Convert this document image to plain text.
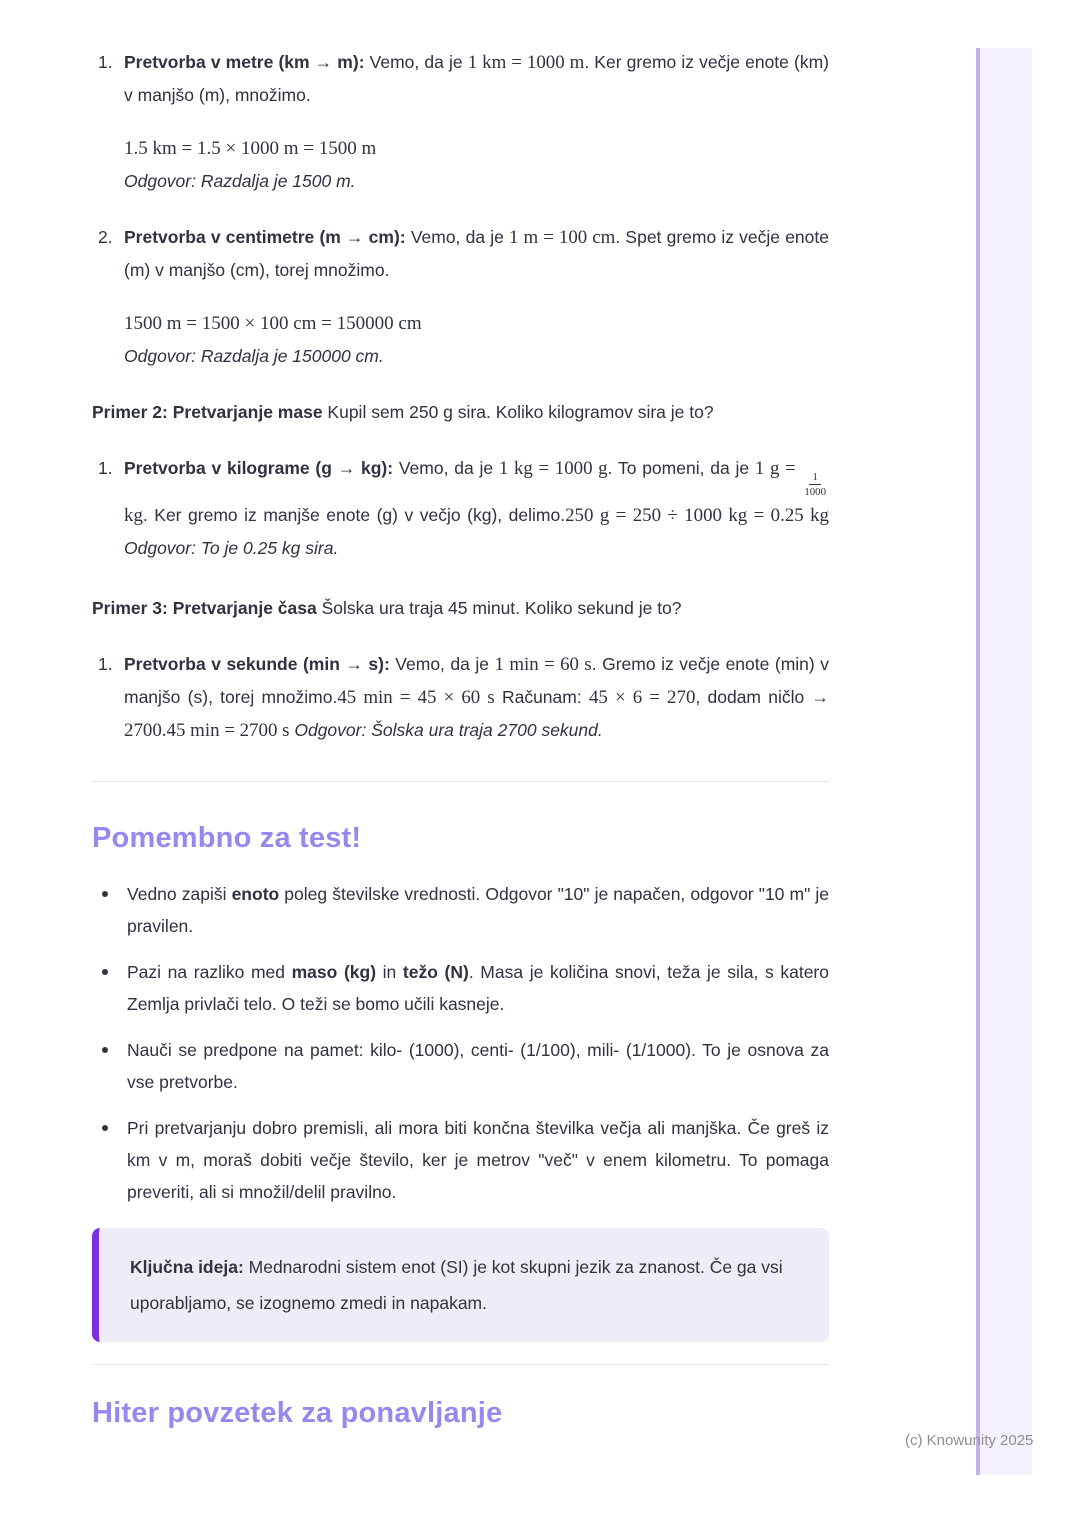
1. Pretvorba v metre (km → m): Vemo, da je 1 km = 1000 m. Ker gremo iz večje enote (km) v manjšo (m), množimo.
1.5 km = 1.5 × 1000 m = 1500 m
Odgovor: Razdalja je 1500 m.
2. Pretvorba v centimetre (m → cm): Vemo, da je 1 m = 100 cm. Spet gremo iz večje enote (m) v manjšo (cm), torej množimo.
1500 m = 1500 × 100 cm = 150000 cm
Odgovor: Razdalja je 150000 cm.

Primer 2: Pretvarjanje mase Kupil sem 250 g sira. Koliko kilogramov sira je to?

1. Pretvorba v kilograme (g → kg): Vemo, da je 1 kg = 1000 g. To pomeni, da je 1 g =
$\frac{1}{1000}$
kg. Ker gremo iz manjše enote (g) v večjo (kg), delimo.250 g = 250 ÷ 1000 kg = 0.25 kg Odgovor: To je 0.25 kg sira.

Primer 3: Pretvarjanje časa Šolska ura traja 45 minut. Koliko sekund je to?

1. Pretvorba v sekunde (min → s): Vemo, da je 1 min = 60 s. Gremo iz večje enote (min) v manjšo (s), torej množimo.45 min = 45 × 60 s Računam: 45 × 6 = 270, dodam ničlo → 2700.45 min = 2700 s Odgovor: Šolska ura traja 2700 sekund.
Pomembno za test!
Vedno zapiši enoto poleg številske vrednosti. Odgovor "10" je napačen, odgovor "10 m" je pravilen.
Pazi na razliko med maso (kg) in težo (N). Masa je količina snovi, teža je sila, s katero Zemlja privlači telo. O teži se bomo učili kasneje.
Nauči se predpone na pamet: kilo- (1000), centi- (1/100), mili- (1/1000). To je osnova za vse pretvorbe.
Pri pretvarjanju dobro premisli, ali mora biti končna številka večja ali manjška. Če greš iz km v m, moraš dobiti večje število, ker je metrov "več" v enem kilometru. To pomaga preveriti, ali si množil/delil pravilno.
Ključna ideja: Mednarodni sistem enot (SI) je kot skupni jezik za znanost. Če ga vsi uporabljamo, se izognemo zmedi in napakam.
Hiter povzetek za ponavljanje
(c) Knowunity 2025
